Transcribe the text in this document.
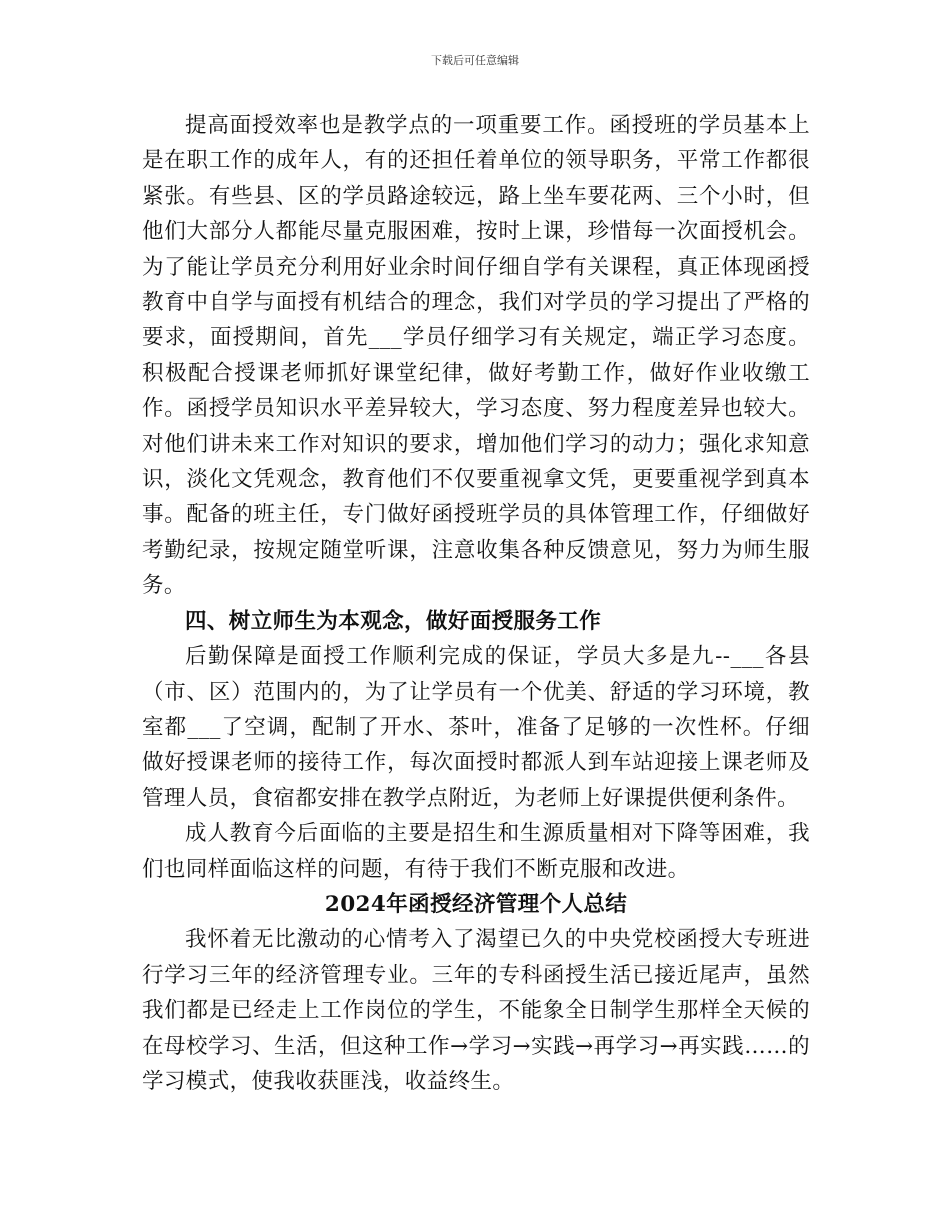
下载后可任意编辑

提高面授效率也是教学点的一项重要工作。函授班的学员基本上是在职工作的成年人，有的还担任着单位的领导职务，平常工作都很紧张。有些县、区的学员路途较远，路上坐车要花两、三个小时，但他们大部分人都能尽量克服困难，按时上课，珍惜每一次面授机会。为了能让学员充分利用好业余时间仔细自学有关课程，真正体现函授教育中自学与面授有机结合的理念，我们对学员的学习提出了严格的要求，面授期间，首先___学员仔细学习有关规定，端正学习态度。积极配合授课老师抓好课堂纪律，做好考勤工作，做好作业收缴工作。函授学员知识水平差异较大，学习态度、努力程度差异也较大。对他们讲未来工作对知识的要求，增加他们学习的动力；强化求知意识，淡化文凭观念，教育他们不仅要重视拿文凭，更要重视学到真本事。配备的班主任，专门做好函授班学员的具体管理工作，仔细做好考勤纪录，按规定随堂听课，注意收集各种反馈意见，努力为师生服务。

四、树立师生为本观念，做好面授服务工作

后勤保障是面授工作顺利完成的保证，学员大多是九--___各县（市、区）范围内的，为了让学员有一个优美、舒适的学习环境，教室都___了空调，配制了开水、茶叶，准备了足够的一次性杯。仔细做好授课老师的接待工作，每次面授时都派人到车站迎接上课老师及管理人员，食宿都安排在教学点附近，为老师上好课提供便利条件。

成人教育今后面临的主要是招生和生源质量相对下降等困难，我们也同样面临这样的问题，有待于我们不断克服和改进。

2024年函授经济管理个人总结

我怀着无比激动的心情考入了渴望已久的中央党校函授大专班进行学习三年的经济管理专业。三年的专科函授生活已接近尾声，虽然我们都是已经走上工作岗位的学生，不能象全日制学生那样全天候的在母校学习、生活，但这种工作→学习→实践→再学习→再实践……的学习模式，使我收获匪浅，收益终生。
